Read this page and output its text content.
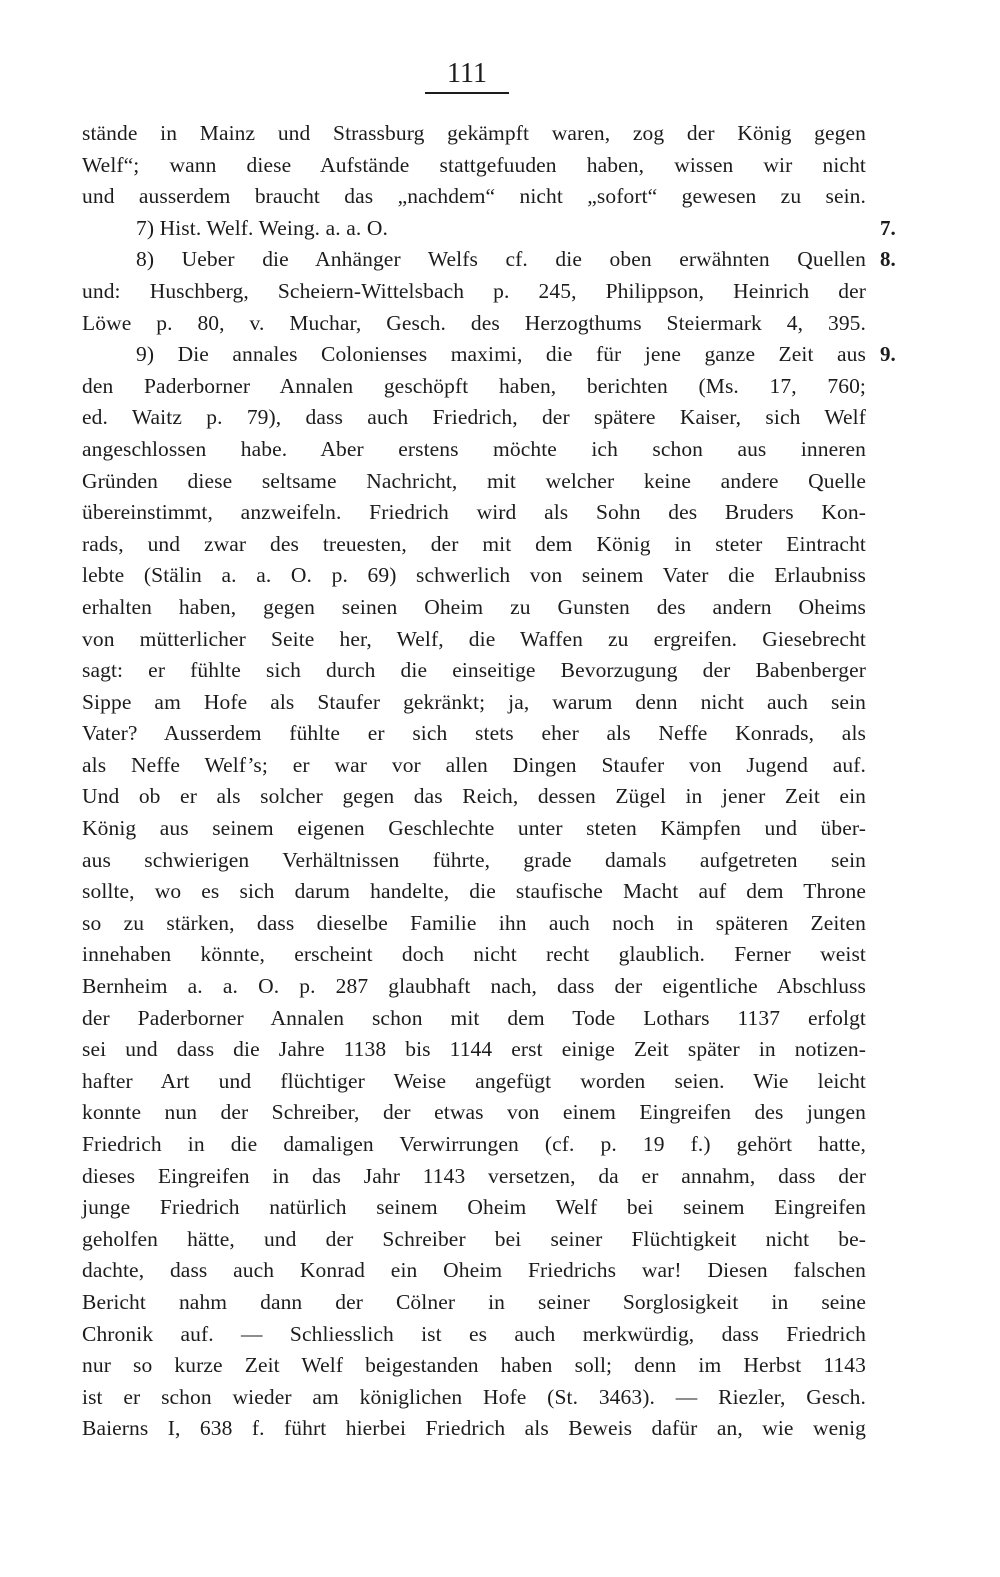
111
stände in Mainz und Strassburg gekämpft waren, zog der König gegen
Welf“; wann diese Aufstände stattgefuuden haben, wissen wir nicht
und ausserdem braucht das „nachdem“ nicht „sofort“ gewesen zu sein.
7) Hist. Welf. Weing. a. a. O.
8) Ueber die Anhänger Welfs cf. die oben erwähnten Quellen
und: Huschberg, Scheiern-Wittelsbach p. 245, Philippson, Heinrich der
Löwe p. 80, v. Muchar, Gesch. des Herzogthums Steiermark 4, 395.
9) Die annales Colonienses maximi, die für jene ganze Zeit aus
den Paderborner Annalen geschöpft haben, berichten (Ms. 17, 760;
ed. Waitz p. 79), dass auch Friedrich, der spätere Kaiser, sich Welf
angeschlossen habe. Aber erstens möchte ich schon aus inneren
Gründen diese seltsame Nachricht, mit welcher keine andere Quelle
übereinstimmt, anzweifeln. Friedrich wird als Sohn des Bruders Kon-
rads, und zwar des treuesten, der mit dem König in steter Eintracht
lebte (Stälin a. a. O. p. 69) schwerlich von seinem Vater die Erlaubniss
erhalten haben, gegen seinen Oheim zu Gunsten des andern Oheims
von mütterlicher Seite her, Welf, die Waffen zu ergreifen. Giesebrecht
sagt: er fühlte sich durch die einseitige Bevorzugung der Babenberger
Sippe am Hofe als Staufer gekränkt; ja, warum denn nicht auch sein
Vater? Ausserdem fühlte er sich stets eher als Neffe Konrads, als
als Neffe Welf’s; er war vor allen Dingen Staufer von Jugend auf.
Und ob er als solcher gegen das Reich, dessen Zügel in jener Zeit ein
König aus seinem eigenen Geschlechte unter steten Kämpfen und über-
aus schwierigen Verhältnissen führte, grade damals aufgetreten sein
sollte, wo es sich darum handelte, die staufische Macht auf dem Throne
so zu stärken, dass dieselbe Familie ihn auch noch in späteren Zeiten
innehaben könnte, erscheint doch nicht recht glaublich. Ferner weist
Bernheim a. a. O. p. 287 glaubhaft nach, dass der eigentliche Abschluss
der Paderborner Annalen schon mit dem Tode Lothars 1137 erfolgt
sei und dass die Jahre 1138 bis 1144 erst einige Zeit später in notizen-
hafter Art und flüchtiger Weise angefügt worden seien. Wie leicht
konnte nun der Schreiber, der etwas von einem Eingreifen des jungen
Friedrich in die damaligen Verwirrungen (cf. p. 19 f.) gehört hatte,
dieses Eingreifen in das Jahr 1143 versetzen, da er annahm, dass der
junge Friedrich natürlich seinem Oheim Welf bei seinem Eingreifen
geholfen hätte, und der Schreiber bei seiner Flüchtigkeit nicht be-
dachte, dass auch Konrad ein Oheim Friedrichs war! Diesen falschen
Bericht nahm dann der Cölner in seiner Sorglosigkeit in seine
Chronik auf. — Schliesslich ist es auch merkwürdig, dass Friedrich
nur so kurze Zeit Welf beigestanden haben soll; denn im Herbst 1143
ist er schon wieder am königlichen Hofe (St. 3463). — Riezler, Gesch.
Baierns I, 638 f. führt hierbei Friedrich als Beweis dafür an, wie wenig
7.
8.
9.
